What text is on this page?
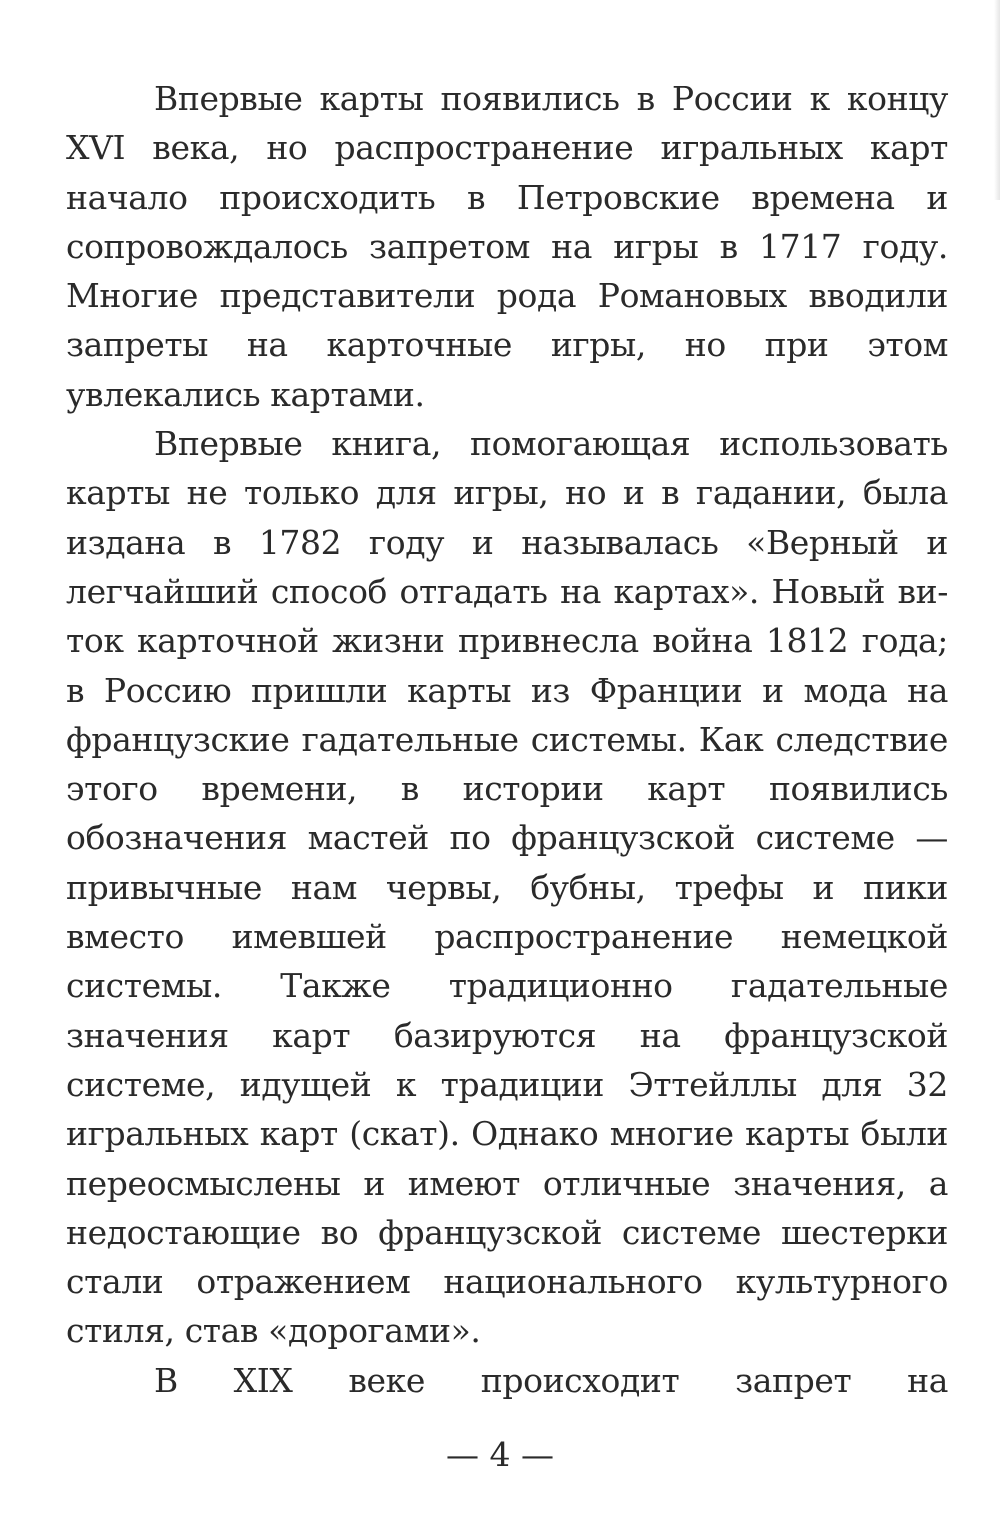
Впервые карты появились в России к концу
XVI века, но распространение игральных карт
начало происходить в Петровские времена и
сопровождалось запретом на игры в 1717 году.
Многие представители рода Романовых вводили
запреты на карточные игры, но при этом
увлекались картами.
Впервые книга, помогающая использовать
карты не только для игры, но и в гадании, была
издана в 1782 году и называлась «Верный и
легчайший способ отгадать на картах». Новый ви-
ток карточной жизни привнесла война 1812 года;
в Россию пришли карты из Франции и мода на
французские гадательные системы. Как следствие
этого времени, в истории карт появились
обозначения мастей по французской системе —
привычные нам червы, бубны, трефы и пики
вместо имевшей распространение немецкой
системы. Также традиционно гадательные
значения карт базируются на французской
системе, идущей к традиции Эттейллы для 32
игральных карт (скат). Однако многие карты были
переосмыслены и имеют отличные значения, а
недостающие во французской системе шестерки
стали отражением национального культурного
стиля, став «дорогами».
В XIX веке происходит запрет на
— 4 —
